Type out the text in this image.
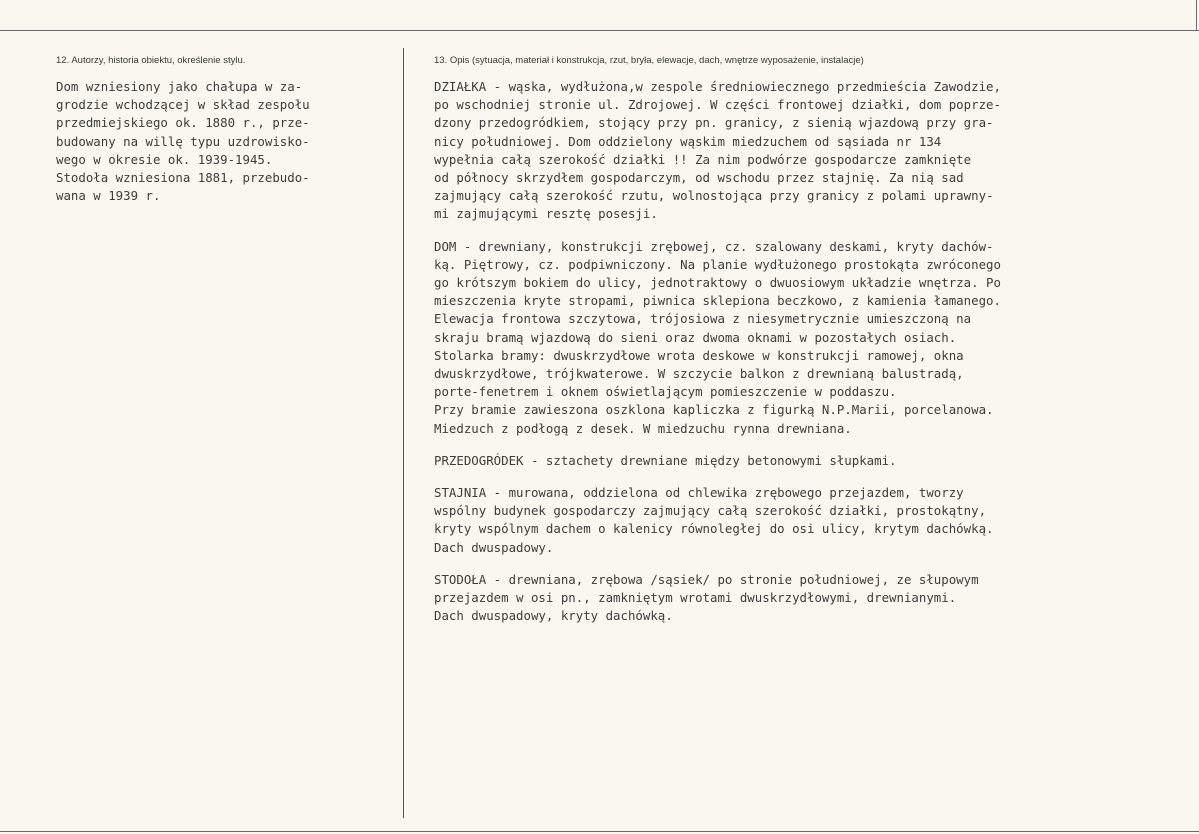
12. Autorzy, historia obiektu, określenie stylu.	13. Opis (sytuacja, materiał i konstrukcja, rzut, bryła, elewacje, dach, wnętrze wyposażenie, instalacje)
Dom wzniesiony jako chałupa w za-
grodzie wchodzącej w skład zespołu
przedmiejskiego ok. 1880 r., prze-
budowany na willę typu uzdrowisko-
wego w okresie ok. 1939-1945.
Stodoła wzniesiona 1881, przebudo-
wana w 1939 r.
DZIAŁKA - wąska, wydłużona,w zespole średniowiecznego przedmieścia Zawodzie,
po wschodniej stronie ul. Zdrojowej. W części frontowej działki, dom poprze-
dzony przedogródkiem, stojący przy pn. granicy, z sienią wjazdową przy gra-
nicy południowej. Dom oddzielony wąskim miedzuchem od sąsiada nr 134
wypełnia całą szerokość działki !! Za nim podwórze gospodarcze zamknięte
od północy skrzydłem gospodarczym, od wschodu przez stajnię. Za nią sad
zajmujący całą szerokość rzutu, wolnostojąca przy granicy z polami uprawny-
mi zajmującymi resztę posesji.
DOM - drewniany, konstrukcji zrębowej, cz. szalowany deskami, kryty dachów-
ką. Piętrowy, cz. podpiwniczony. Na planie wydłużonego prostokąta zwróconego
go krótszym bokiem do ulicy, jednotraktowy o dwuosiowym układzie wnętrza. Po
mieszczenia kryte stropami, piwnica sklepiona beczkowo, z kamienia łamanego.
Elewacja frontowa szczytowa, trójosiowa z niesymetrycznie umieszczoną na
skraju bramą wjazdową do sieni oraz dwoma oknami w pozostałych osiach.
Stolarka bramy: dwuskrzydłowe wrota deskowe w konstrukcji ramowej, okna
dwuskrzydłowe, trójkwaterowe. W szczycie balkon z drewnianą balustradą,
porte-fenetrem i oknem oświetlającym pomieszczenie w poddaszu.
Przy bramie zawieszona oszklona kapliczka z figurką N.P.Marii, porcelanowa.
Miedzuch z podłogą z desek. W miedzuchu rynna drewniana.
PRZEDOGRÓDEK - sztachety drewniane między betonowymi słupkami.
STAJNIA - murowana, oddzielona od chlewika zrębowego przejazdem, tworzy
wspólny budynek gospodarczy zajmujący całą szerokość działki, prostokątny,
kryty wspólnym dachem o kalenicy równoległej do osi ulicy, krytym dachówką.
Dach dwuspadowy.
STODOŁA - drewniana, zrębowa /sąsiek/ po stronie południowej, ze słupowym
przejazdem w osi pn., zamkniętym wrotami dwuskrzydłowymi, drewnianymi.
Dach dwuspadowy, kryty dachówką.
